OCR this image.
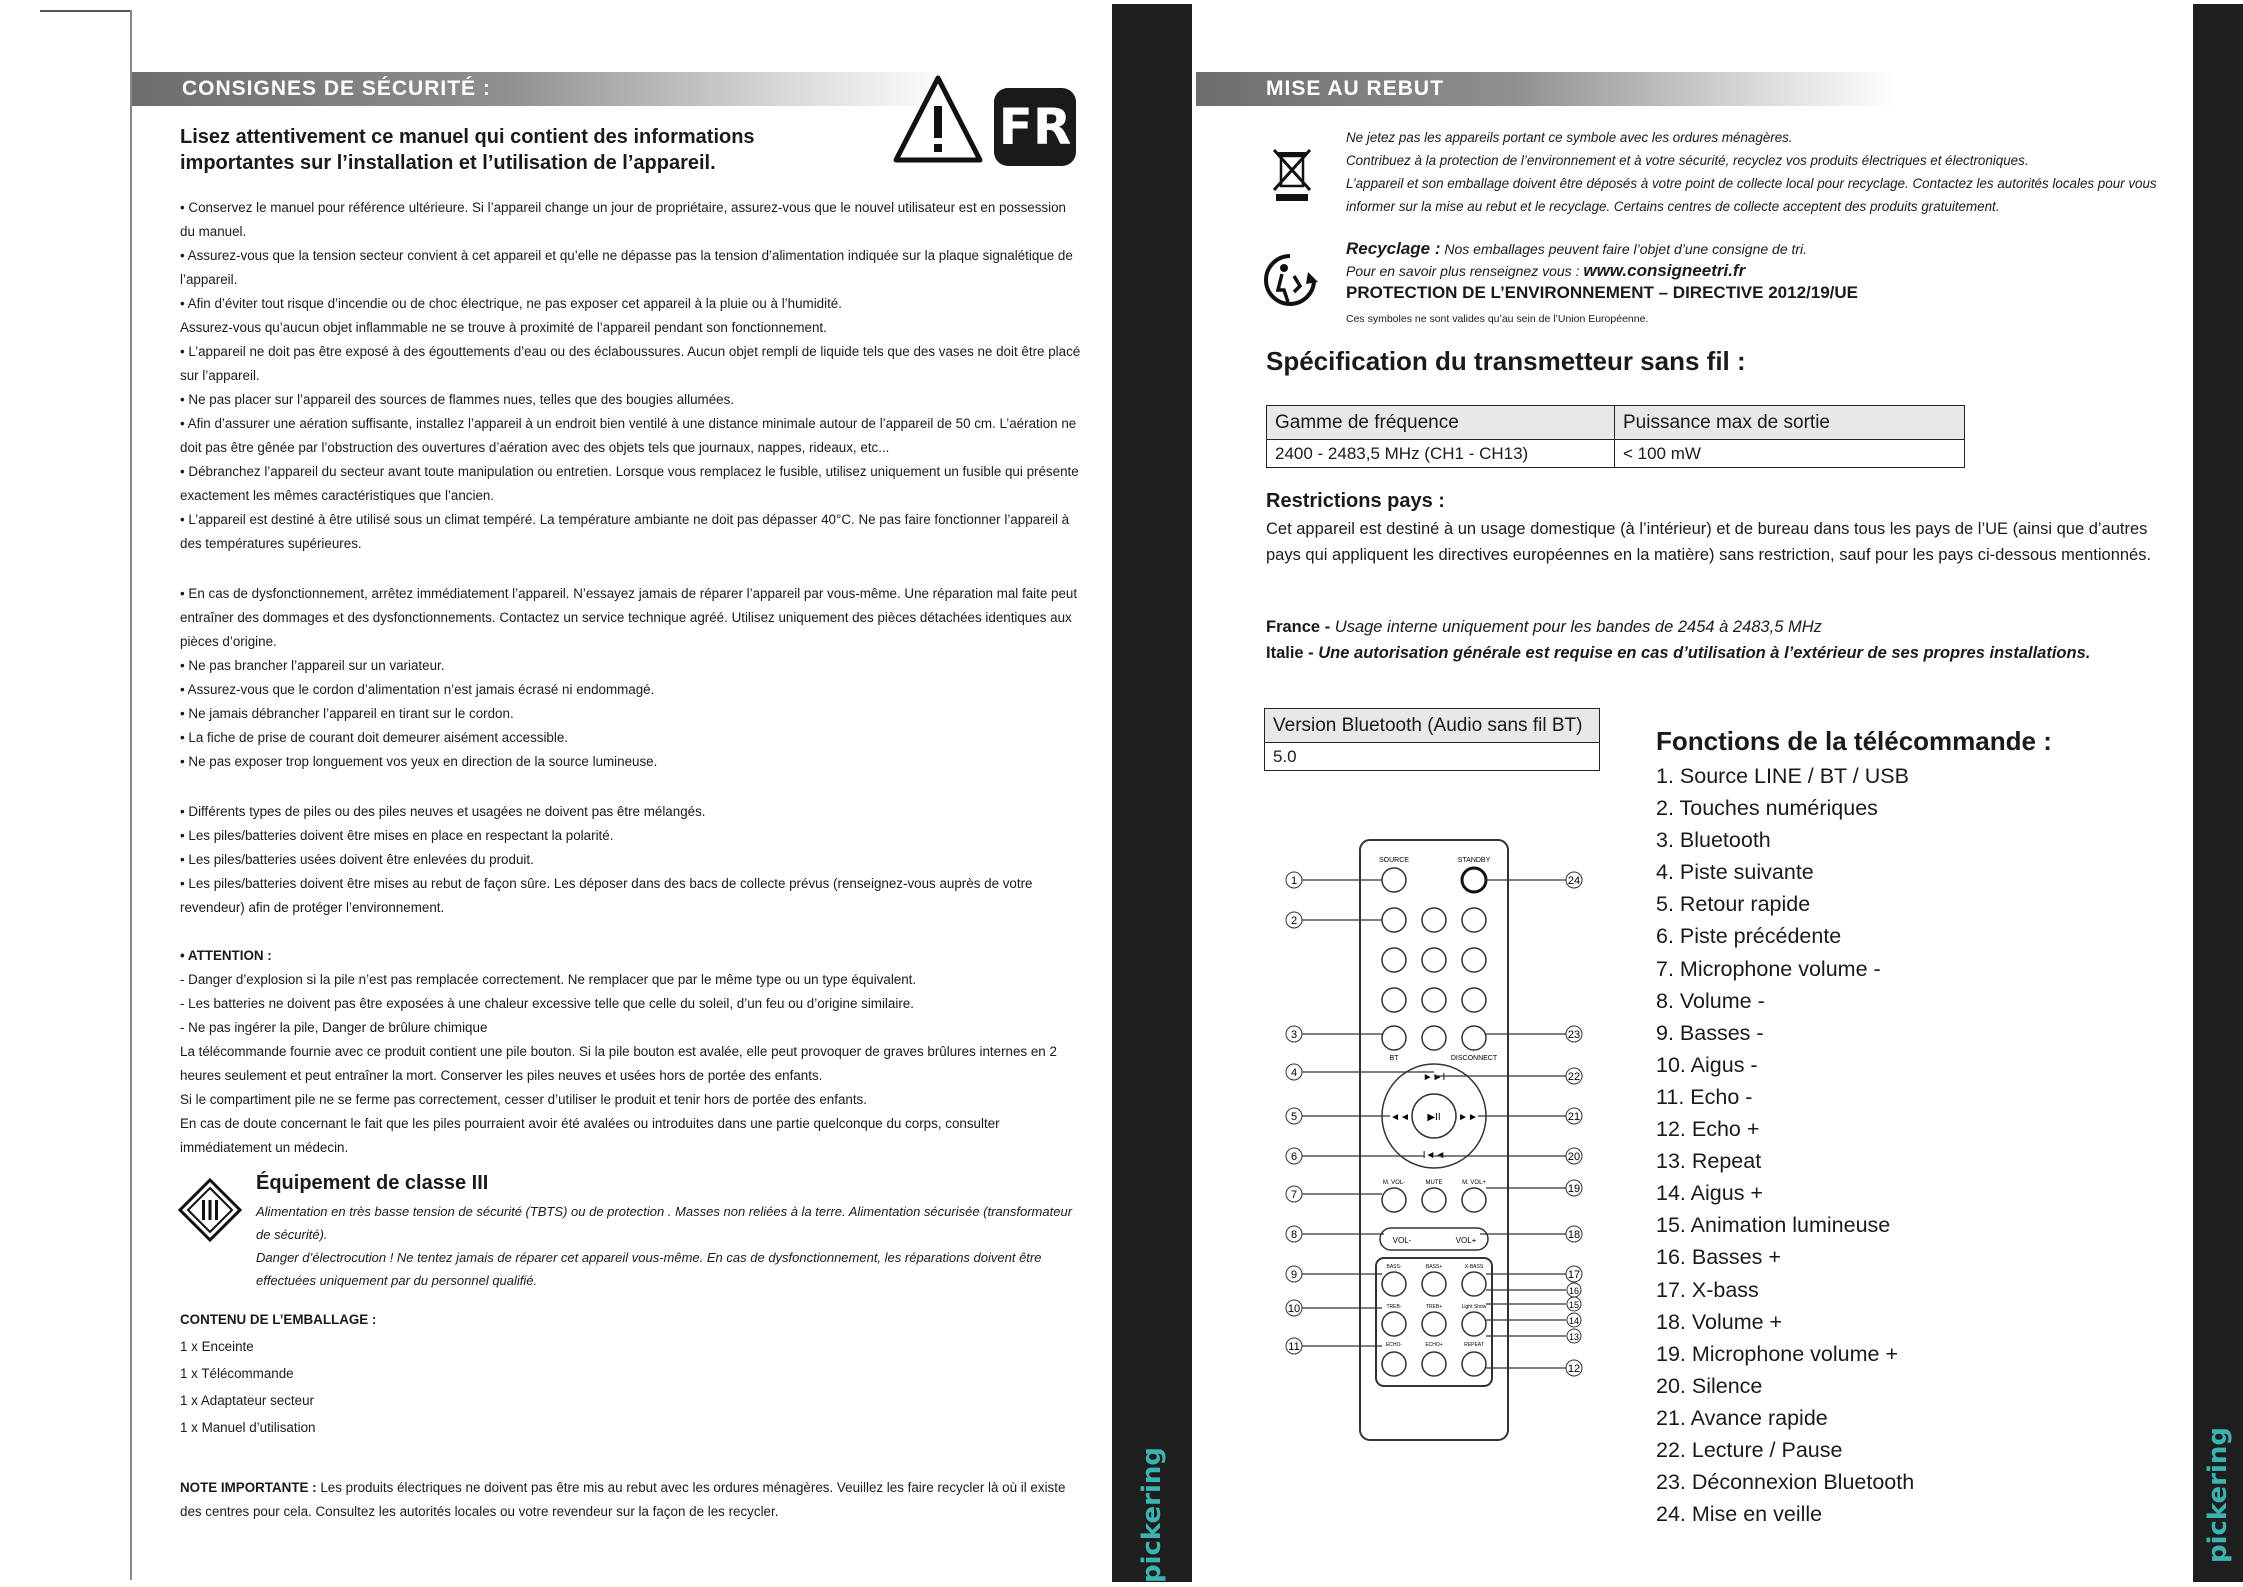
CONSIGNES DE SÉCURITÉ :
Lisez attentivement ce manuel qui contient des informations
importantes sur l’installation et l’utilisation de l’appareil.
FR

• Conservez le manuel pour référence ultérieure. Si l’appareil change un jour de propriétaire, assurez-vous que le nouvel utilisateur est en possession du manuel.

• Assurez-vous que la tension secteur convient à cet appareil et qu’elle ne dépasse pas la tension d’alimentation indiquée sur la plaque signalétique de l’appareil.

• Afin d’éviter tout risque d’incendie ou de choc électrique, ne pas exposer cet appareil à la pluie ou à l’humidité.

Assurez-vous qu’aucun objet inflammable ne se trouve à proximité de l’appareil pendant son fonctionnement.

• L’appareil ne doit pas être exposé à des égouttements d’eau ou des éclaboussures. Aucun objet rempli de liquide tels que des vases ne doit être placé sur l’appareil.

• Ne pas placer sur l’appareil des sources de flammes nues, telles que des bougies allumées.

• Afin d’assurer une aération suffisante, installez l’appareil à un endroit bien ventilé à une distance minimale autour de l’appareil de 50 cm. L’aération ne doit pas être gênée par l’obstruction des ouvertures d’aération avec des objets tels que journaux, nappes, rideaux, etc...

• Débranchez l’appareil du secteur avant toute manipulation ou entretien. Lorsque vous remplacez le fusible, utilisez uniquement un fusible qui présente exactement les mêmes caractéristiques que l’ancien.

• L’appareil est destiné à être utilisé sous un climat tempéré. La température ambiante ne doit pas dépasser 40°C. Ne pas faire fonctionner l’appareil à des températures supérieures.

• En cas de dysfonctionnement, arrêtez immédiatement l’appareil. N’essayez jamais de réparer l’appareil par vous-même. Une réparation mal faite peut entraîner des dommages et des dysfonctionnements. Contactez un service technique agréé. Utilisez uniquement des pièces détachées identiques aux pièces d’origine.

• Ne pas brancher l’appareil sur un variateur.

• Assurez-vous que le cordon d’alimentation n’est jamais écrasé ni endommagé.

• Ne jamais débrancher l’appareil en tirant sur le cordon.

• La fiche de prise de courant doit demeurer aisément accessible.

• Ne pas exposer trop longuement vos yeux en direction de la source lumineuse.

• Différents types de piles ou des piles neuves et usagées ne doivent pas être mélangés.

• Les piles/batteries doivent être mises en place en respectant la polarité.

• Les piles/batteries usées doivent être enlevées du produit.

• Les piles/batteries doivent être mises au rebut de façon sûre. Les déposer dans des bacs de collecte prévus (renseignez-vous auprès de votre revendeur) afin de protéger l’environnement.

• ATTENTION :

- Danger d’explosion si la pile n’est pas remplacée correctement. Ne remplacer que par le même type ou un type équivalent.

- Les batteries ne doivent pas être exposées à une chaleur excessive telle que celle du soleil, d’un feu ou d’origine similaire.

- Ne pas ingérer la pile, Danger de brûlure chimique

La télécommande fournie avec ce produit contient une pile bouton. Si la pile bouton est avalée, elle peut provoquer de graves brûlures internes en 2 heures seulement et peut entraîner la mort. Conserver les piles neuves et usées hors de portée des enfants.

Si le compartiment pile ne se ferme pas correctement, cesser d’utiliser le produit et tenir hors de portée des enfants.

En cas de doute concernant le fait que les piles pourraient avoir été avalées ou introduites dans une partie quelconque du corps, consulter immédiatement un médecin.

Équipement de classe III

Alimentation en très basse tension de sécurité (TBTS) ou de protection . Masses non reliées à la terre. Alimentation sécurisée (transformateur de sécurité).

Danger d’électrocution ! Ne tentez jamais de réparer cet appareil vous-même. En cas de dysfonctionnement, les réparations doivent être effectuées uniquement par du personnel qualifié.

CONTENU DE L’EMBALLAGE :

1 x Enceinte

1 x Télécommande

1 x Adaptateur secteur

1 x Manuel d’utilisation

NOTE IMPORTANTE : Les produits électriques ne doivent pas être mis au rebut avec les ordures ménagères. Veuillez les faire recycler là où il existe des centres pour cela. Consultez les autorités locales ou votre revendeur sur la façon de les recycler.	pickering	pickering
MISE AU REBUT

Ne jetez pas les appareils portant ce symbole avec les ordures ménagères.

Contribuez à la protection de l’environnement et à votre sécurité, recyclez vos produits électriques et électroniques.

L’appareil et son emballage doivent être déposés à votre point de collecte local pour recyclage. Contactez les autorités locales pour vous informer sur la mise au rebut et le recyclage. Certains centres de collecte acceptent des produits gratuitement.

Recyclage : Nos emballages peuvent faire l’objet d’une consigne de tri.

Pour en savoir plus renseignez vous : www.consigneetri.fr

PROTECTION DE L’ENVIRONNEMENT – DIRECTIVE 2012/19/UE

Ces symboles ne sont valides qu’au sein de l’Union Européenne.

Spécification du transmetteur sans fil :
Gamme de fréquence	Puissance max de sortie
2400 - 2483,5 MHz (CH1 - CH13)	< 100 mW
Restrictions pays :
Cet appareil est destiné à un usage domestique (à l’intérieur) et de bureau dans tous les pays de l’UE (ainsi que d’autres pays qui appliquent les directives européennes en la matière) sans restriction, sauf pour les pays ci-dessous mentionnés.

France - Usage interne uniquement pour les bandes de 2454 à 2483,5 MHz

Italie - Une autorisation générale est requise en cas d’utilisation à l’extérieur de ses propres installations.

Version Bluetooth (Audio sans fil BT)
5.0
SOURCE	STANDBY
BT	DISCONNECT
▶II
►►I
◄◄	►►
I◄◄
M. VOL-	MUTE	M. VOL+
VOL-	VOL+
BASS-	BASS+	X-BASS
TREB-	TREB+	Light Show
ECHO-	ECHO+	REPEAT
1
2
3
4
5
6
7
8
9
10
11
24
23
22
21
20
19
18
17
16
15
14
13
12
Fonctions de la télécommande :
1. Source LINE / BT / USB
2. Touches numériques
3. Bluetooth
4. Piste suivante
5. Retour rapide
6. Piste précédente
7. Microphone volume -
8. Volume -
9. Basses -
10. Aigus -
11. Echo -
12. Echo +
13. Repeat
14. Aigus +
15. Animation lumineuse
16. Basses +
17. X-bass
18. Volume +
19. Microphone volume +
20. Silence
21. Avance rapide
22. Lecture / Pause
23. Déconnexion Bluetooth
24. Mise en veille
